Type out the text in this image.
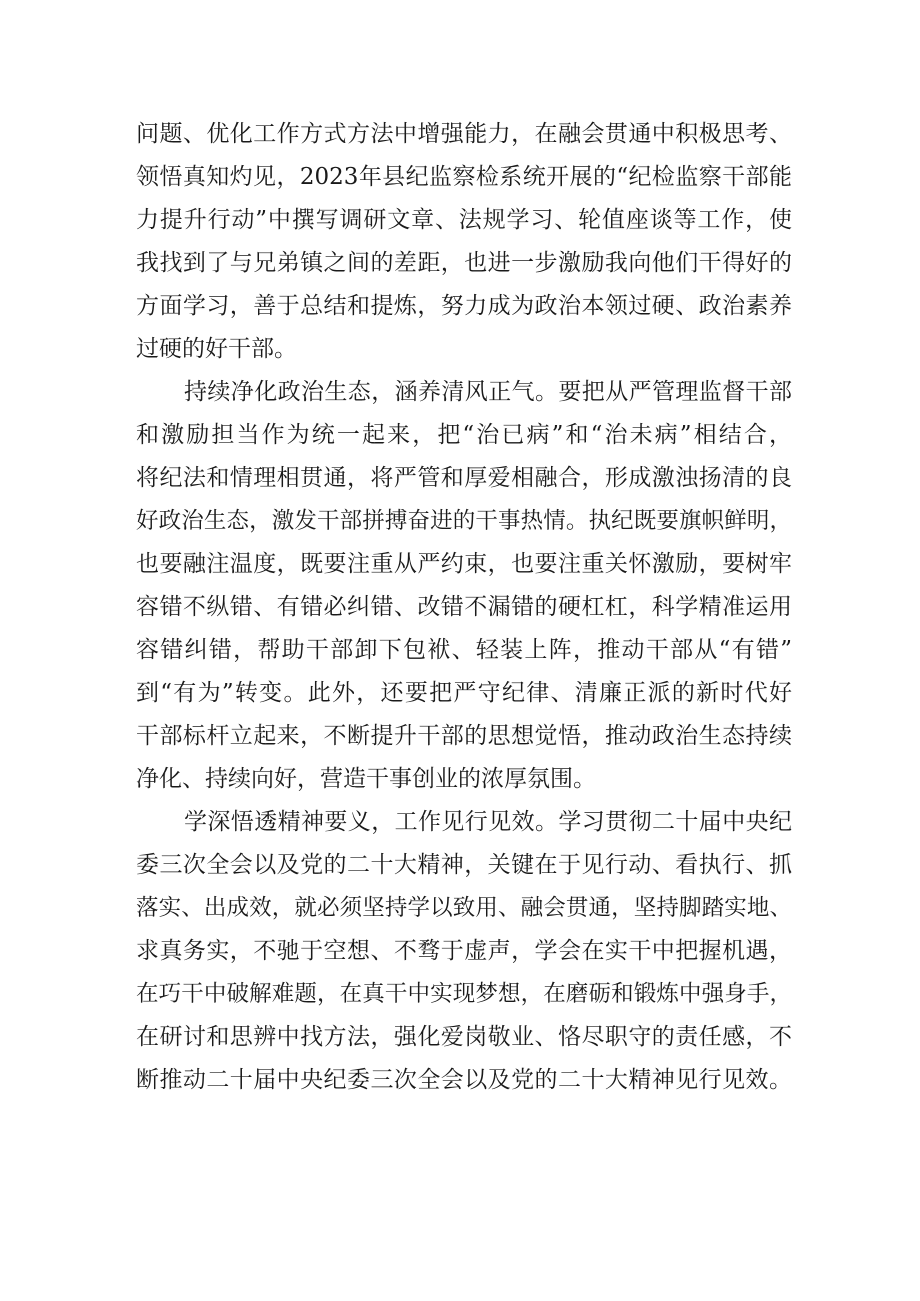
问题、优化工作方式方法中增强能力，在融会贯通中积极思考、
领悟真知灼见，2023年县纪监察检系统开展的“纪检监察干部能
力提升行动”中撰写调研文章、法规学习、轮值座谈等工作，使
我找到了与兄弟镇之间的差距，也进一步激励我向他们干得好的
方面学习，善于总结和提炼，努力成为政治本领过硬、政治素养
过硬的好干部。
持续净化政治生态，涵养清风正气。要把从严管理监督干部
和激励担当作为统一起来，把“治已病”和“治未病”相结合，
将纪法和情理相贯通，将严管和厚爱相融合，形成激浊扬清的良
好政治生态，激发干部拼搏奋进的干事热情。执纪既要旗帜鲜明，
也要融注温度，既要注重从严约束，也要注重关怀激励，要树牢
容错不纵错、有错必纠错、改错不漏错的硬杠杠，科学精准运用
容错纠错，帮助干部卸下包袱、轻装上阵，推动干部从“有错”
到“有为”转变。此外，还要把严守纪律、清廉正派的新时代好
干部标杆立起来，不断提升干部的思想觉悟，推动政治生态持续
净化、持续向好，营造干事创业的浓厚氛围。
学深悟透精神要义，工作见行见效。学习贯彻二十届中央纪
委三次全会以及党的二十大精神，关键在于见行动、看执行、抓
落实、出成效，就必须坚持学以致用、融会贯通，坚持脚踏实地、
求真务实，不驰于空想、不骛于虚声，学会在实干中把握机遇，
在巧干中破解难题，在真干中实现梦想，在磨砺和锻炼中强身手，
在研讨和思辨中找方法，强化爱岗敬业、恪尽职守的责任感，不
断推动二十届中央纪委三次全会以及党的二十大精神见行见效。
